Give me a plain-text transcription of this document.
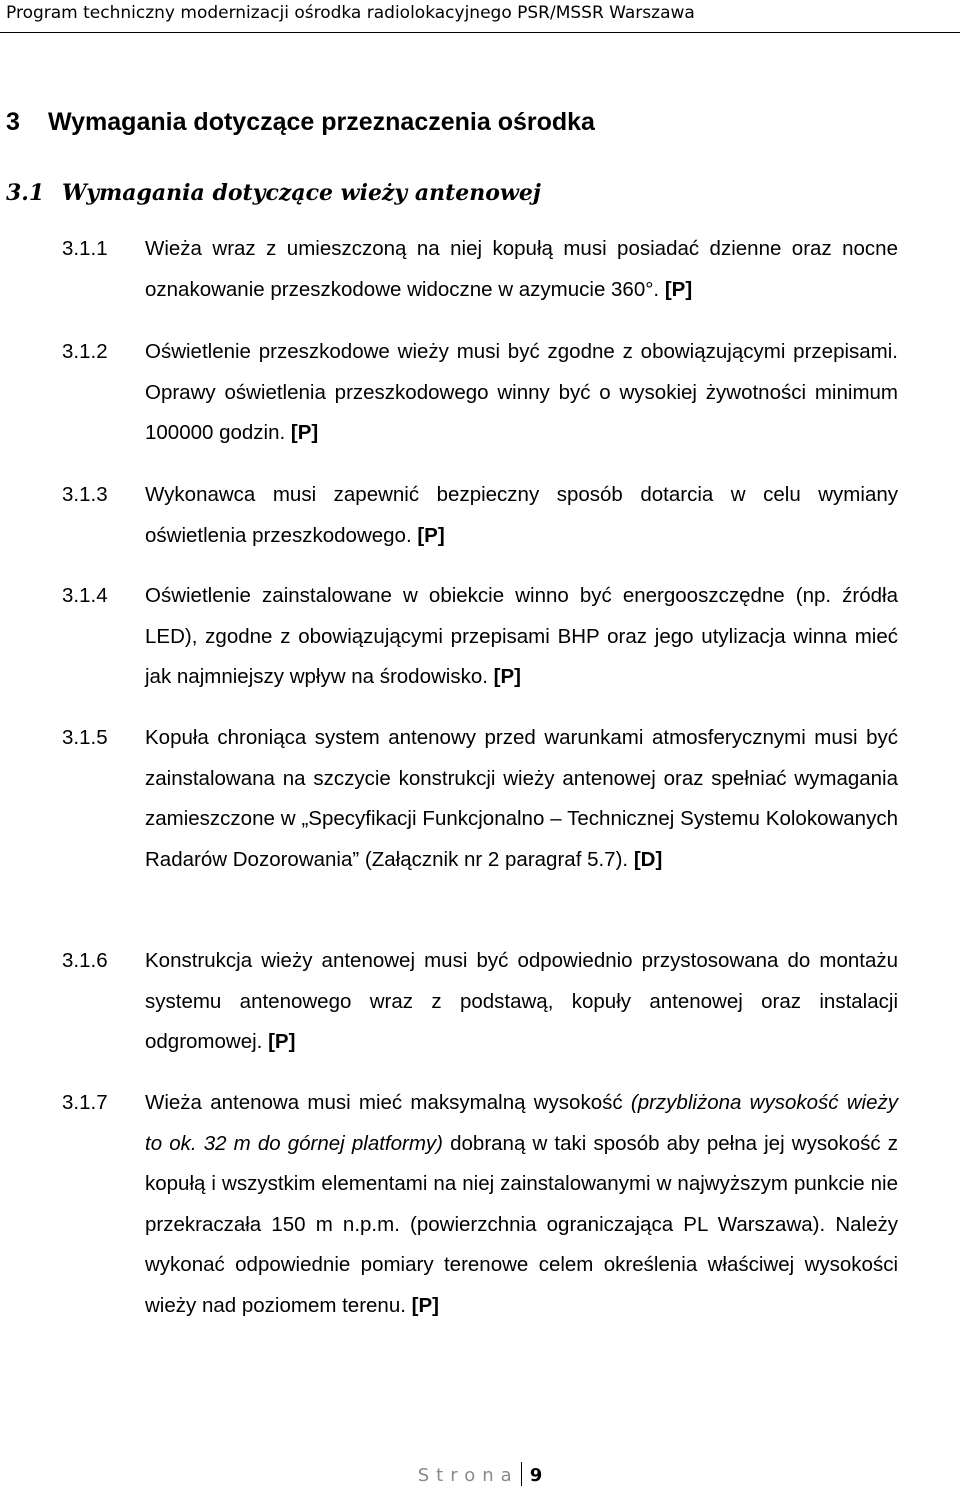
Program techniczny modernizacji ośrodka radiolokacyjnego PSR/MSSR Warszawa
3	Wymagania dotyczące przeznaczenia ośrodka
3.1 Wymagania dotyczące wieży antenowej
3.1.1	Wieża wraz z umieszczoną na niej kopułą musi posiadać dzienne oraz nocne oznakowanie przeszkodowe widoczne w azymucie 360°. [P]
3.1.2	Oświetlenie przeszkodowe wieży musi być zgodne z obowiązującymi przepisami. Oprawy oświetlenia przeszkodowego winny być o wysokiej żywotności minimum 100000 godzin. [P]
3.1.3	Wykonawca musi zapewnić bezpieczny sposób dotarcia w celu wymiany oświetlenia przeszkodowego. [P]
3.1.4	Oświetlenie zainstalowane w obiekcie winno być energooszczędne (np. źródła LED), zgodne z obowiązującymi przepisami BHP oraz jego utylizacja winna mieć jak najmniejszy wpływ na środowisko. [P]
3.1.5	Kopuła chroniąca system antenowy przed warunkami atmosferycznymi musi być zainstalowana na szczycie konstrukcji wieży antenowej oraz spełniać wymagania zamieszczone w „Specyfikacji Funkcjonalno – Technicznej Systemu Kolokowanych Radarów Dozorowania” (Załącznik nr 2 paragraf 5.7). [D]
3.1.6	Konstrukcja wieży antenowej musi być odpowiednio przystosowana do montażu systemu antenowego wraz z podstawą, kopuły antenowej oraz instalacji odgromowej. [P]
3.1.7	Wieża antenowa musi mieć maksymalną wysokość (przybliżona wysokość wieży to ok. 32 m do górnej platformy) dobraną w taki sposób aby pełna jej wysokość z kopułą i wszystkim elementami na niej zainstalowanymi w najwyższym punkcie nie przekraczała 150 m n.p.m. (powierzchnia ograniczająca PL Warszawa). Należy wykonać odpowiednie pomiary terenowe celem określenia właściwej wysokości wieży nad poziomem terenu. [P]
Strona 9
